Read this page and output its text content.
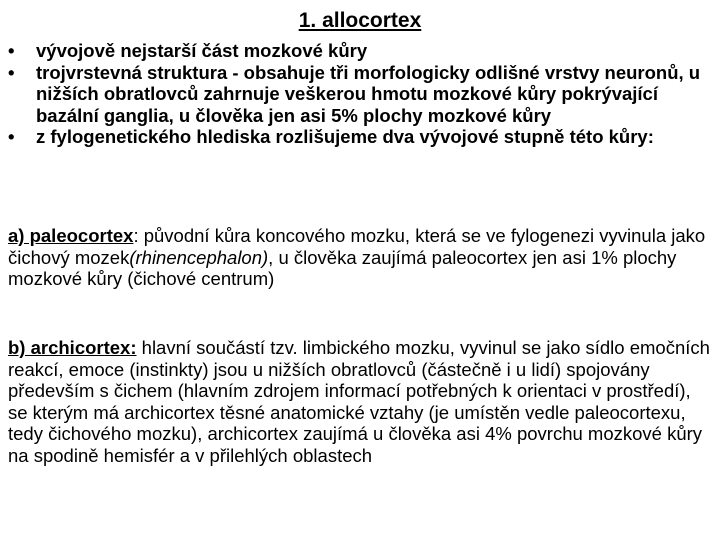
1. allocortex
• vývojově nejstarší část mozkové kůry
• trojvrstevná struktura - obsahuje tři morfologicky odlišné vrstvy neuronů, u nižších obratlovců zahrnuje veškerou hmotu mozkové kůry pokrývající bazální ganglia, u člověka jen asi 5% plochy mozkové kůry
• z fylogenetického hlediska rozlišujeme dva vývojové stupně této kůry:

a) paleocortex: původní kůra koncového mozku, která se ve fylogenezi vyvinula jako čichový mozek(rhinencephalon), u člověka zaujímá paleocortex jen asi 1% plochy mozkové kůry (čichové centrum)

b) archicortex: hlavní součástí tzv. limbického mozku, vyvinul se jako sídlo emočních reakcí, emoce (instinkty) jsou u nižších obratlovců (částečně i u lidí) spojovány především s čichem (hlavním zdrojem informací potřebných k orientaci v prostředí), se kterým má archicortex těsné anatomické vztahy (je umístěn vedle paleocortexu, tedy čichového mozku), archicortex zaujímá u člověka asi 4% povrchu mozkové kůry na spodině hemisfér a v přilehlých oblastech
